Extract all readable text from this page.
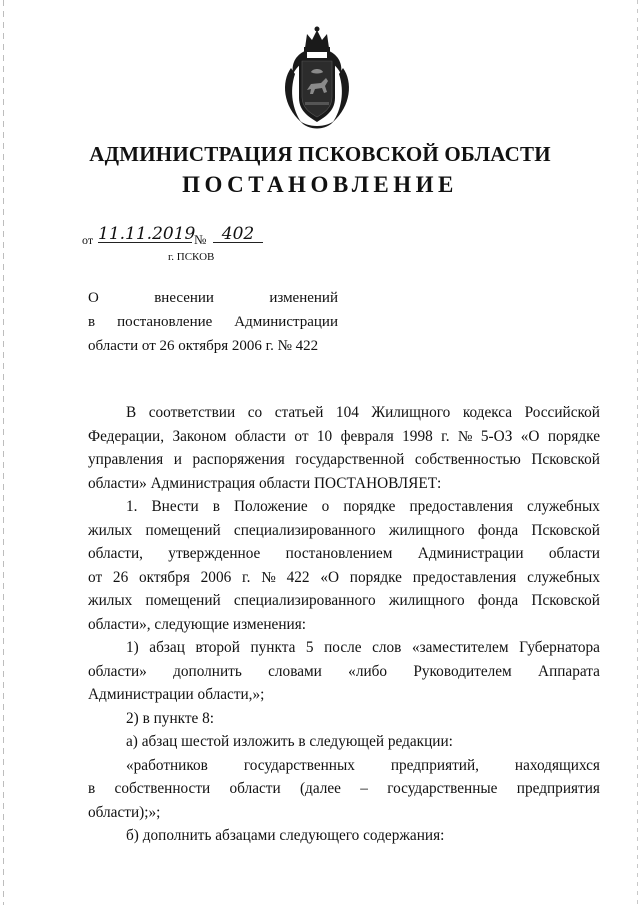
АДМИНИСТРАЦИЯ ПСКОВСКОЙ ОБЛАСТИ
ПОСТАНОВЛЕНИЕ
от 11.11.2019
№ 402
г. ПСКОВ
О	внесении	изменений
в постановление Администрации
области от 26 октября 2006 г. № 422
В соответствии со статьей 104 Жилищного кодекса Российской
Федерации, Законом области от 10 февраля 1998 г. № 5-ОЗ «О порядке
управления и распоряжения государственной собственностью Псковской
области» Администрация области ПОСТАНОВЛЯЕТ:
1. Внести в Положение о порядке предоставления служебных
жилых помещений специализированного жилищного фонда Псковской
области, утвержденное постановлением Администрации области
от 26 октября 2006 г. № 422 «О порядке предоставления служебных
жилых помещений специализированного жилищного фонда Псковской
области», следующие изменения:
1) абзац второй пункта 5 после слов «заместителем Губернатора
области» дополнить словами «либо Руководителем Аппарата
Администрации области,»;
2) в пункте 8:
а) абзац шестой изложить в следующей редакции:
«работников государственных предприятий, находящихся
в собственности области (далее – государственные предприятия
области);»;
б) дополнить абзацами следующего содержания:
